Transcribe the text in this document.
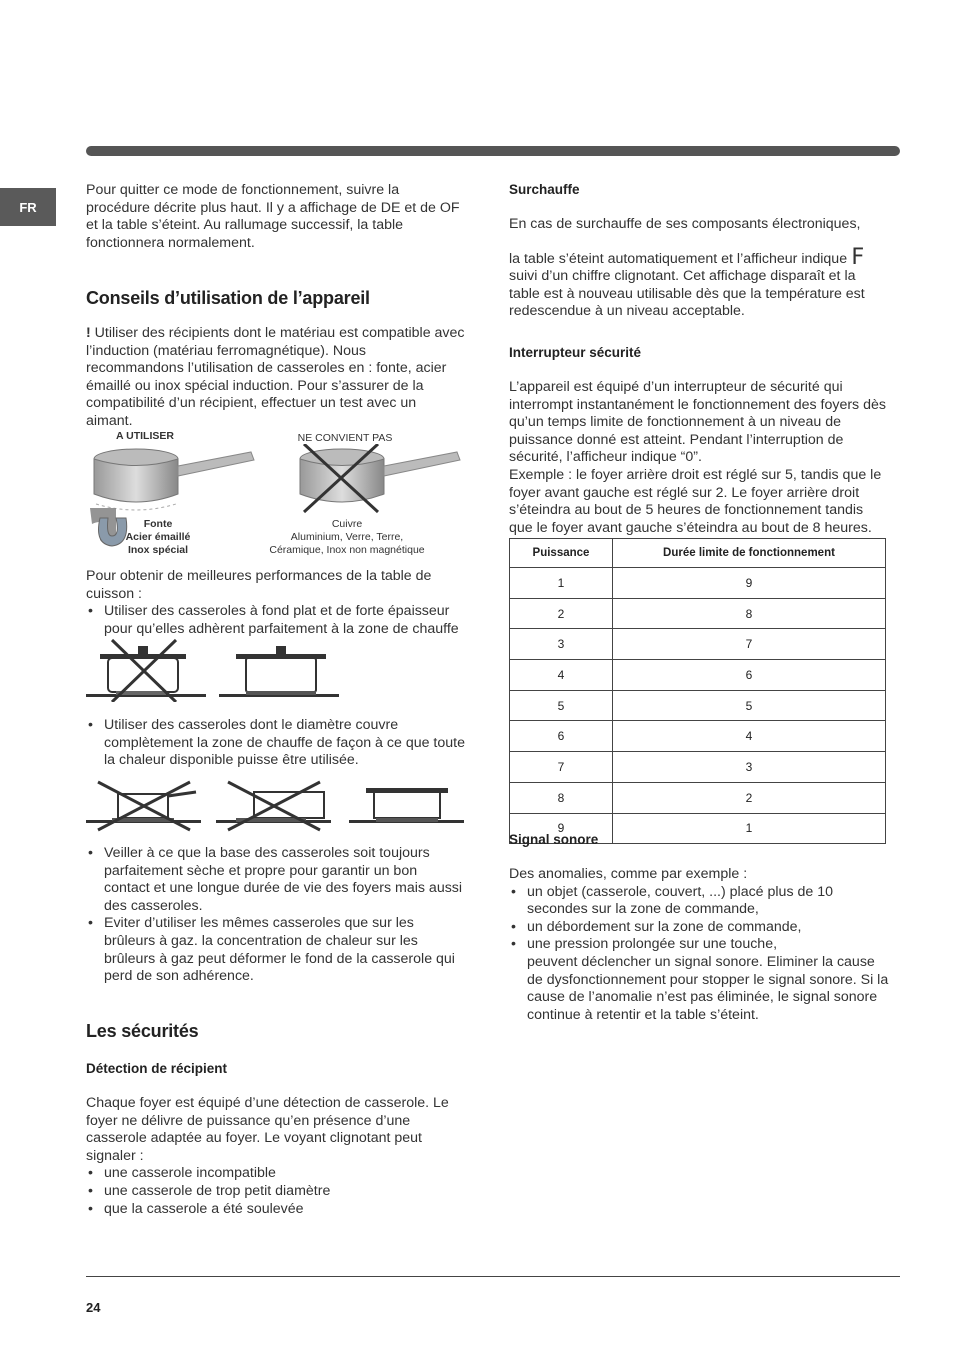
FR

Pour quitter ce mode de fonctionnement, suivre la procédure décrite plus haut. Il y a affichage de DE et de OF et la table s’éteint. Au rallumage successif, la table fonctionnera normalement.

Conseils d’utilisation de l’appareil

! Utiliser des récipients dont le matériau est compatible avec l’induction (matériau ferromagnétique). Nous recommandons l’utilisation de casseroles en : fonte, acier émaillé ou inox spécial induction. Pour s’assurer de la compatibilité d’un récipient, effectuer un test avec un aimant.

A UTILISER
Fonte
Acier émaillé
Inox spécial
NE CONVIENT PAS
Cuivre
Aluminium, Verre, Terre,
Céramique, Inox non magnétique

Pour obtenir de meilleures performances de la table de cuisson :

• Utiliser des casseroles à fond plat et de forte épaisseur pour qu’elles adhèrent parfaitement à la zone de chauffe
• Utiliser des casseroles dont le diamètre couvre complètement la zone de chauffe de façon à ce que toute la chaleur disponible puisse être utilisée.
• Veiller à ce que la base des casseroles soit toujours parfaitement sèche et propre pour garantir un bon contact et une longue durée de vie des foyers mais aussi des casseroles.
• Eviter d’utiliser les mêmes casseroles que sur les brûleurs à gaz. la concentration de chaleur sur les brûleurs à gaz peut déformer le fond de la casserole qui perd de son adhérence.
Les sécurités
Détection de récipient

Chaque foyer est équipé d’une détection de casserole. Le foyer ne délivre de puissance qu’en présence d’une casserole adaptée au foyer. Le voyant clignotant peut signaler :

• une casserole incompatible
• une casserole de trop petit diamètre
• que la casserole a été soulevée
Surchauffe

En cas de surchauffe de ses composants électroniques,

la table s’éteint automatiquement et l’afficheur indique F suivi d’un chiffre clignotant. Cet affichage disparaît et la table est à nouveau utilisable dès que la température est redescendue à un niveau acceptable.

Interrupteur sécurité

L’appareil est équipé d’un interrupteur de sécurité qui interrompt instantanément le fonctionnement des foyers dès qu’un temps limite de fonctionnement à un niveau de puissance donné est atteint. Pendant l’interruption de sécurité, l’afficheur indique “0”.

Exemple : le foyer arrière droit est réglé sur 5, tandis que le foyer avant gauche est réglé sur 2. Le foyer arrière droit s’éteindra au bout de 5 heures de fonctionnement tandis que le foyer avant gauche s’éteindra au bout de 8 heures.

Puissance	Durée limite de fonctionnement
1	9
2	8
3	7
4	6
5	5
6	4
7	3
8	2
9	1
Signal sonore

Des anomalies, comme par exemple :

• un objet (casserole, couvert, ...) placé plus de 10 secondes sur la zone de commande,
• un débordement sur la zone de commande,
• une pression prolongée sur une touche,

peuvent déclencher un signal sonore. Eliminer la cause de dysfonctionnement pour stopper le signal sonore. Si la cause de l’anomalie n’est pas éliminée, le signal sonore continue à retentir et la table s’éteint.

24
